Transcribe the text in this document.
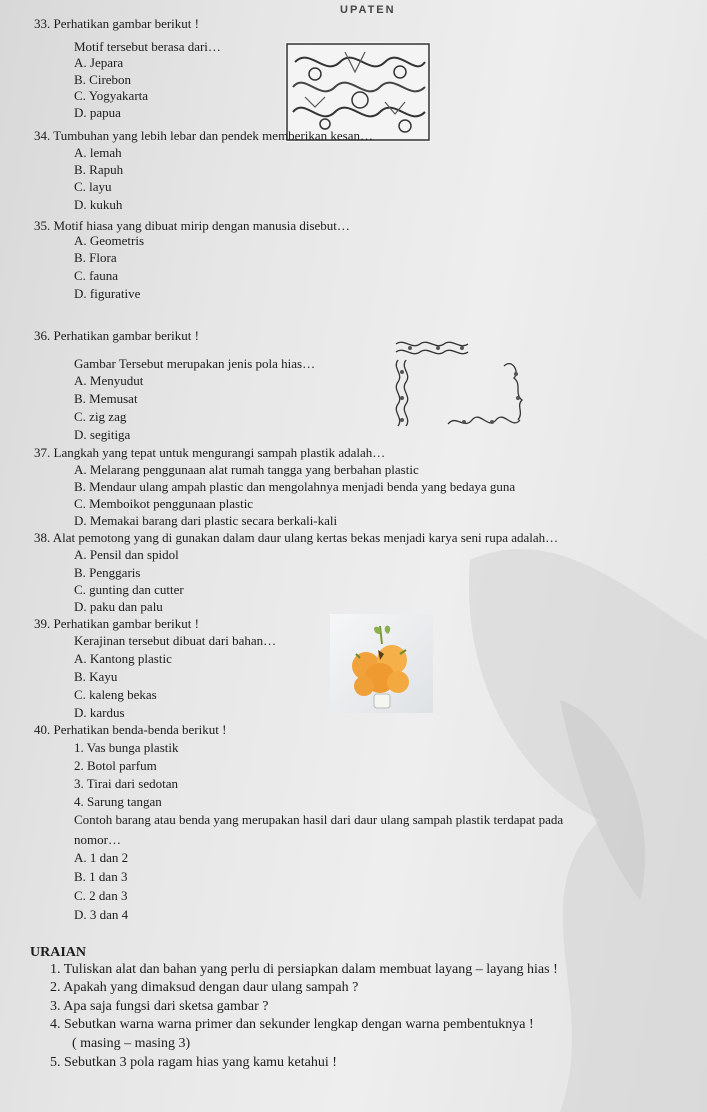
UPATEN
33. Perhatikan gambar berikut !
Motif tersebut berasa dari…
A. Jepara
B. Cirebon
C. Yogyakarta
D. papua
34. Tumbuhan yang lebih lebar dan pendek memberikan kesan…
A. lemah
B. Rapuh
C. layu
D. kukuh
35. Motif hiasa yang dibuat mirip dengan manusia disebut…
A. Geometris
B. Flora
C. fauna
D. figurative
36. Perhatikan gambar berikut !
Gambar Tersebut merupakan jenis pola hias…
A. Menyudut
B. Memusat
C. zig zag
D. segitiga
37. Langkah yang tepat untuk mengurangi sampah plastik adalah…
A. Melarang penggunaan alat rumah tangga yang berbahan plastic
B. Mendaur ulang ampah plastic dan mengolahnya menjadi benda yang bedaya guna
C. Memboikot penggunaan plastic
D. Memakai barang dari plastic secara berkali-kali
38. Alat pemotong yang di gunakan dalam daur ulang kertas bekas menjadi karya seni rupa adalah…
A. Pensil dan spidol
B. Penggaris
C. gunting dan cutter
D. paku dan palu
39. Perhatikan gambar berikut !
Kerajinan tersebut dibuat dari bahan…
A. Kantong plastic
B. Kayu
C. kaleng bekas
D. kardus
40. Perhatikan benda-benda berikut !
1. Vas bunga plastik
2. Botol parfum
3. Tirai dari sedotan
4. Sarung tangan
Contoh barang atau benda yang merupakan hasil dari daur ulang sampah plastik terdapat pada
nomor…
A. 1 dan 2
B. 1 dan 3
C. 2 dan 3
D. 3 dan 4
URAIAN
1. Tuliskan alat dan bahan yang perlu di persiapkan dalam membuat layang – layang hias !
2. Apakah yang dimaksud dengan daur ulang sampah ?
3. Apa saja fungsi dari sketsa gambar ?
4. Sebutkan warna warna primer dan sekunder lengkap dengan warna pembentuknya !
( masing – masing 3)
5. Sebutkan 3 pola ragam hias yang kamu ketahui !
